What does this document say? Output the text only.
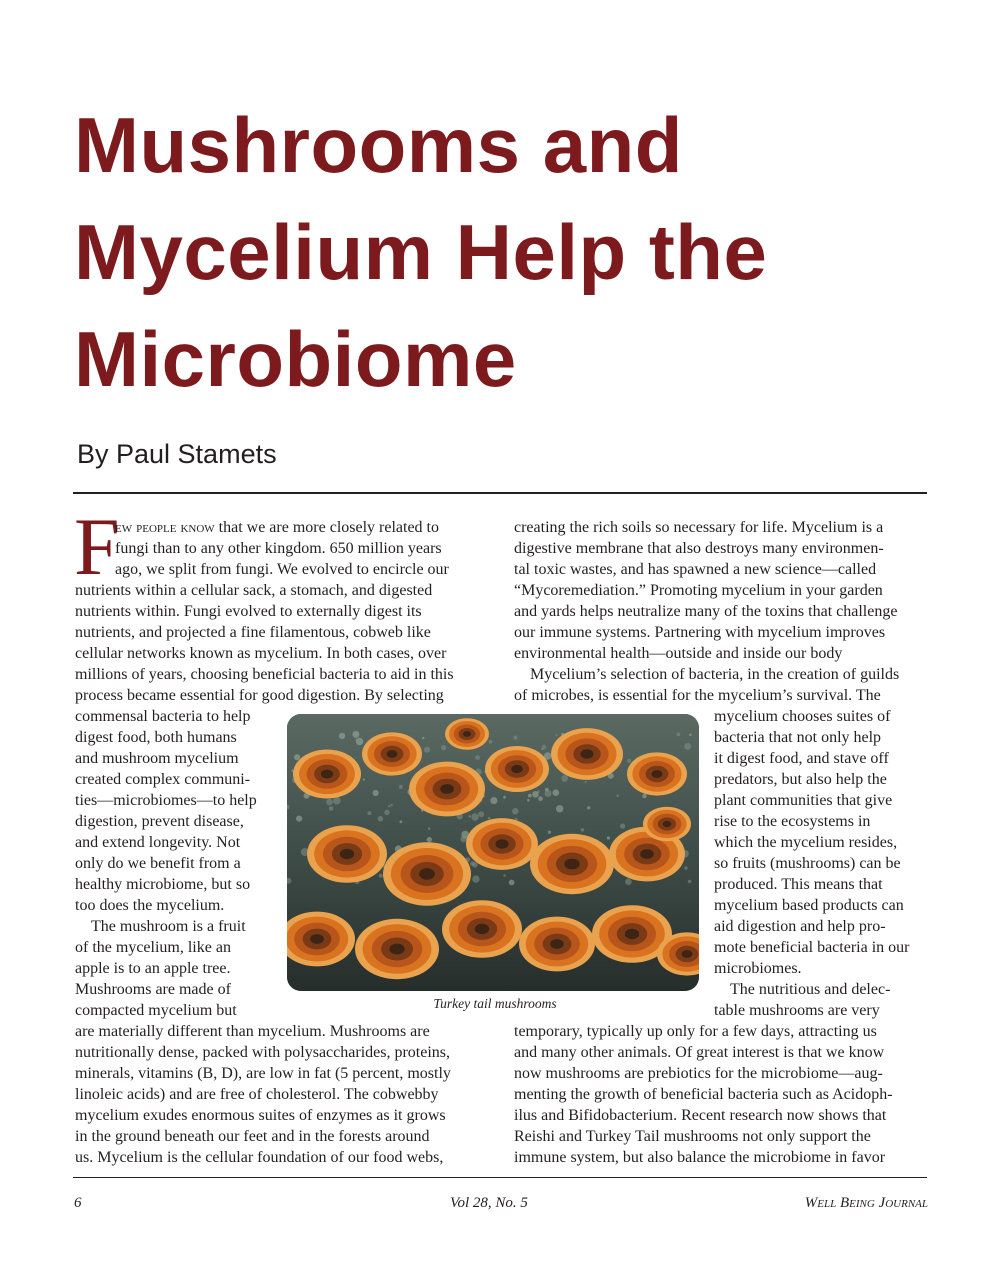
Mushrooms and
Mycelium Help the
Microbiome

By Paul Stamets

F
ew people know that we are more closely related to
fungi than to any other kingdom. 650 million years
ago, we split from fungi. We evolved to encircle our
nutrients within a cellular sack, a stomach, and digested
nutrients within. Fungi evolved to externally digest its
nutrients, and projected a fine filamentous, cobweb like
cellular networks known as mycelium. In both cases, over
millions of years, choosing beneficial bacteria to aid in this
process became essential for good digestion. By selecting
commensal bacteria to help
digest food, both humans
and mushroom mycelium
created complex communi-
ties—microbiomes—to help
digestion, prevent disease,
and extend longevity. Not
only do we benefit from a
healthy microbiome, but so
too does the mycelium.
The mushroom is a fruit
of the mycelium, like an
apple is to an apple tree.
Mushrooms are made of
compacted mycelium but
are materially different than mycelium. Mushrooms are
nutritionally dense, packed with polysaccharides, proteins,
minerals, vitamins (B, D), are low in fat (5 percent, mostly
linoleic acids) and are free of cholesterol. The cobwebby
mycelium exudes enormous suites of enzymes as it grows
in the ground beneath our feet and in the forests around
us. Mycelium is the cellular foundation of our food webs,
creating the rich soils so necessary for life. Mycelium is a
digestive membrane that also destroys many environmen-
tal toxic wastes, and has spawned a new science—called
“Mycoremediation.” Promoting mycelium in your garden
and yards helps neutralize many of the toxins that challenge
our immune systems. Partnering with mycelium improves
environmental health—outside and inside our body
Mycelium’s selection of bacteria, in the creation of guilds
of microbes, is essential for the mycelium’s survival. The
mycelium chooses suites of
bacteria that not only help
it digest food, and stave off
predators, but also help the
plant communities that give
rise to the ecosystems in
which the mycelium resides,
so fruits (mushrooms) can be
produced. This means that
mycelium based products can
aid digestion and help pro-
mote beneficial bacteria in our
microbiomes.
The nutritious and delec-
table mushrooms are very
temporary, typically up only for a few days, attracting us
and many other animals. Of great interest is that we know
now mushrooms are prebiotics for the microbiome—aug-
menting the growth of beneficial bacteria such as Acidoph-
ilus and Bifidobacterium. Recent research now shows that
Reishi and Turkey Tail mushrooms not only support the
immune system, but also balance the microbiome in favor
Turkey tail mushrooms
6	Vol 28, No. 5	Well Being Journal
